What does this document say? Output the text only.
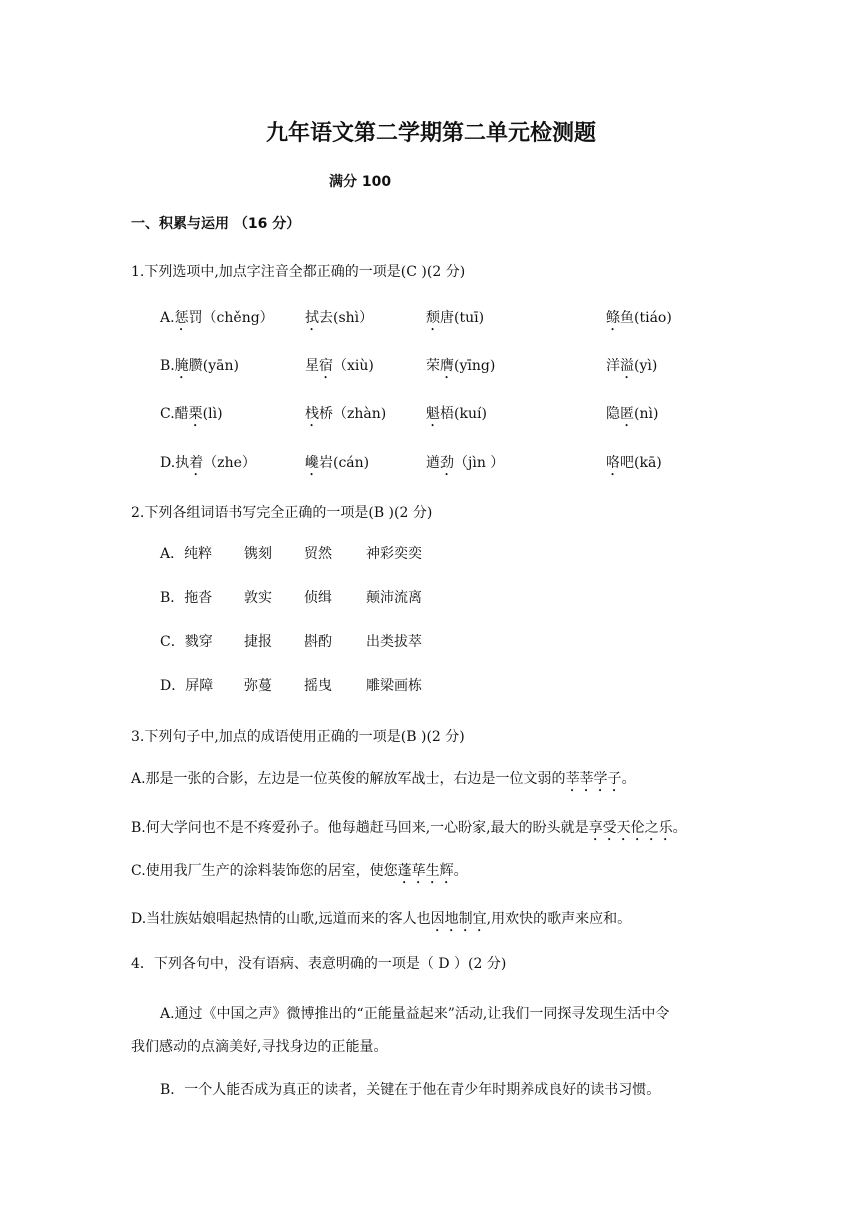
九年语文第二学期第二单元检测题
满分 100
一、积累与运用 （16 分）
1.下列选项中,加点字注音全都正确的一项是(C )(2 分)
A.惩罚（chěng） 拭去(shì）	颓唐(tuī)	鲦鱼(tiáo)
B.腌臜(yān)	星宿（xiù)	荣膺(yīng)	洋溢(yì)
C.醋栗(lì)	栈桥（zhàn)	魁梧(kuí)	隐匿(nì)
D.执着（zhe）	巉岩(cán)	遒劲（jìn ）	咯吧(kā)
2.下列各组词语书写完全正确的一项是(B )(2 分)
A．纯粹 镌刻 贸然 神彩奕奕
B．拖沓 敦实 侦缉 颠沛流离
C．戮穿 捷报 斟酌 出类拔萃
D．屏障 弥蔓 摇曳 雕梁画栋
3.下列句子中,加点的成语使用正确的一项是(B )(2 分)
A.那是一张的合影，左边是一位英俊的解放军战士，右边是一位文弱的莘莘学子。
B.何大学问也不是不疼爱孙子。他每趟赶马回来,一心盼家,最大的盼头就是享受天伦之乐。
C.使用我厂生产的涂料装饰您的居室，使您蓬荜生辉。
D.当壮族姑娘唱起热情的山歌,远道而来的客人也因地制宜,用欢快的歌声来应和。
4．下列各句中，没有语病、表意明确的一项是（ D ）(2 分)
A.通过《中国之声》微博推出的“正能量益起来”活动,让我们一同探寻发现生活中令
我们感动的点滴美好,寻找身边的正能量。
B．一个人能否成为真正的读者，关键在于他在青少年时期养成良好的读书习惯。
